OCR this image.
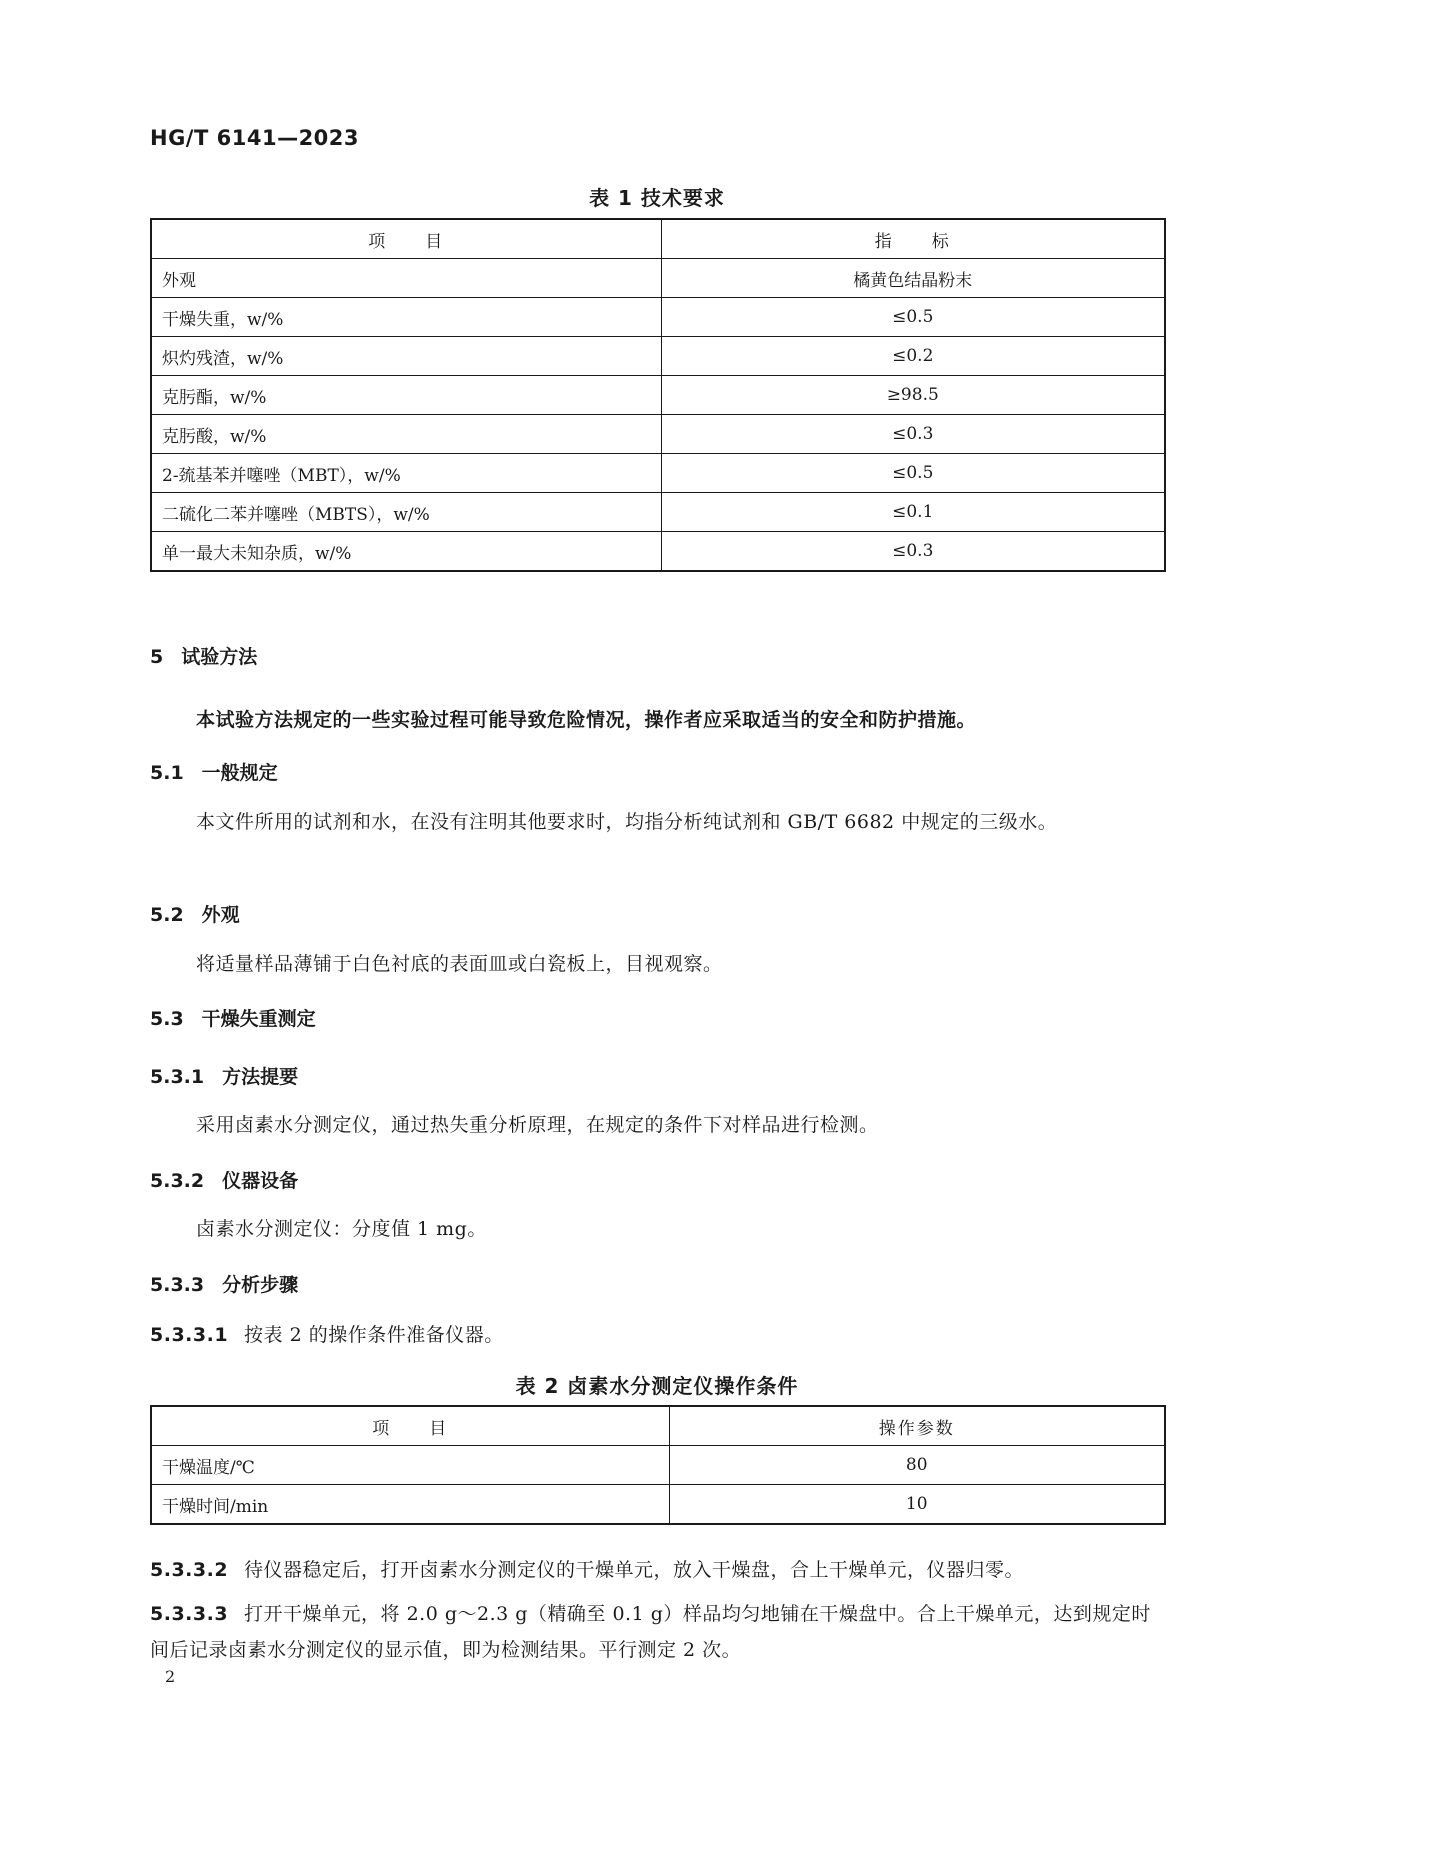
HG/T 6141—2023
表 1 技术要求
项　　目	指　　标
外观	橘黄色结晶粉末
干燥失重，w/%	≤0.5
炽灼残渣，w/%	≤0.2
克肟酯，w/%	≥98.5
克肟酸，w/%	≤0.3
2-巯基苯并噻唑（MBT），w/%	≤0.5
二硫化二苯并噻唑（MBTS），w/%	≤0.1
单一最大未知杂质，w/%	≤0.3
5 试验方法
本试验方法规定的一些实验过程可能导致危险情况，操作者应采取适当的安全和防护措施。
5.1 一般规定
本文件所用的试剂和水，在没有注明其他要求时，均指分析纯试剂和 GB/T 6682 中规定的三级水。
5.2 外观
将适量样品薄铺于白色衬底的表面皿或白瓷板上，目视观察。
5.3 干燥失重测定
5.3.1 方法提要
采用卤素水分测定仪，通过热失重分析原理，在规定的条件下对样品进行检测。
5.3.2 仪器设备
卤素水分测定仪：分度值 1 mg。
5.3.3 分析步骤
5.3.3.1 按表 2 的操作条件准备仪器。
表 2 卤素水分测定仪操作条件
项　　目	操作参数
干燥温度/℃	80
干燥时间/min	10
5.3.3.2 待仪器稳定后，打开卤素水分测定仪的干燥单元，放入干燥盘，合上干燥单元，仪器归零。
5.3.3.3 打开干燥单元，将 2.0 g～2.3 g（精确至 0.1 g）样品均匀地铺在干燥盘中。合上干燥单元，达到规定时间后记录卤素水分测定仪的显示值，即为检测结果。平行测定 2 次。
2
